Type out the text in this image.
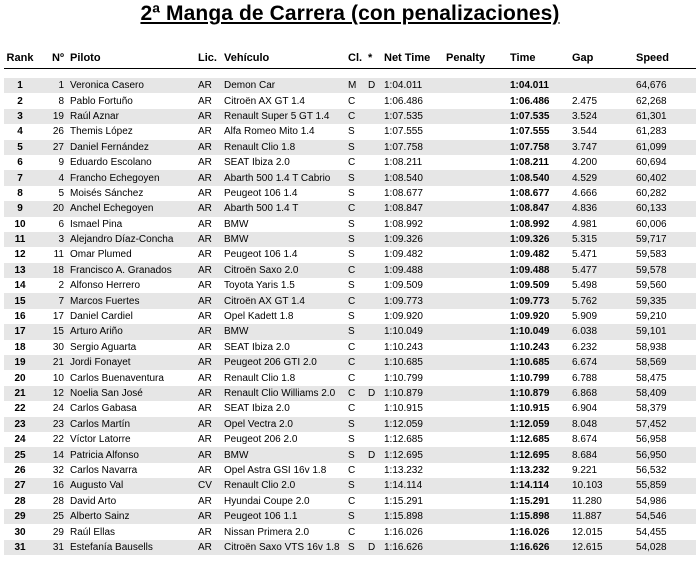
2ª Manga de Carrera (con penalizaciones)
Rank	Nº	Piloto	Lic.	Vehículo	Cl.	*	Net Time	Penalty	Time	Gap	Speed

1	1	Veronica Casero	AR	Demon Car	M	D	1:04.011		1:04.011		64,676
2	8	Pablo Fortuño	AR	Citroën AX GT 1.4	C		1:06.486		1:06.486	2.475	62,268
3	19	Raúl Aznar	AR	Renault Super 5 GT 1.4	C		1:07.535		1:07.535	3.524	61,301
4	26	Themis López	AR	Alfa Romeo Mito 1.4	S		1:07.555		1:07.555	3.544	61,283
5	27	Daniel Fernández	AR	Renault Clio 1.8	S		1:07.758		1:07.758	3.747	61,099
6	9	Eduardo Escolano	AR	SEAT Ibiza 2.0	C		1:08.211		1:08.211	4.200	60,694
7	4	Francho Echegoyen	AR	Abarth 500 1.4 T Cabrio	S		1:08.540		1:08.540	4.529	60,402
8	5	Moisés Sánchez	AR	Peugeot 106 1.4	S		1:08.677		1:08.677	4.666	60,282
9	20	Anchel Echegoyen	AR	Abarth 500 1.4 T	C		1:08.847		1:08.847	4.836	60,133
10	6	Ismael Pina	AR	BMW	S		1:08.992		1:08.992	4.981	60,006
11	3	Alejandro Díaz-Concha	AR	BMW	S		1:09.326		1:09.326	5.315	59,717
12	11	Omar Plumed	AR	Peugeot 106 1.4	S		1:09.482		1:09.482	5.471	59,583
13	18	Francisco A. Granados	AR	Citroën Saxo 2.0	C		1:09.488		1:09.488	5.477	59,578
14	2	Alfonso Herrero	AR	Toyota Yaris 1.5	S		1:09.509		1:09.509	5.498	59,560
15	7	Marcos Fuertes	AR	Citroën AX GT 1.4	C		1:09.773		1:09.773	5.762	59,335
16	17	Daniel Cardiel	AR	Opel Kadett 1.8	S		1:09.920		1:09.920	5.909	59,210
17	15	Arturo Ariño	AR	BMW	S		1:10.049		1:10.049	6.038	59,101
18	30	Sergio Aguarta	AR	SEAT Ibiza 2.0	C		1:10.243		1:10.243	6.232	58,938
19	21	Jordi Fonayet	AR	Peugeot 206 GTI 2.0	C		1:10.685		1:10.685	6.674	58,569
20	10	Carlos Buenaventura	AR	Renault Clio 1.8	C		1:10.799		1:10.799	6.788	58,475
21	12	Noelia San José	AR	Renault Clio Williams 2.0	C	D	1:10.879		1:10.879	6.868	58,409
22	24	Carlos Gabasa	AR	SEAT Ibiza 2.0	C		1:10.915		1:10.915	6.904	58,379
23	23	Carlos Martín	AR	Opel Vectra 2.0	S		1:12.059		1:12.059	8.048	57,452
24	22	Víctor Latorre	AR	Peugeot 206 2.0	S		1:12.685		1:12.685	8.674	56,958
25	14	Patricia Alfonso	AR	BMW	S	D	1:12.695		1:12.695	8.684	56,950
26	32	Carlos Navarra	AR	Opel Astra GSI 16v 1.8	C		1:13.232		1:13.232	9.221	56,532
27	16	Augusto Val	CV	Renault Clio 2.0	S		1:14.114		1:14.114	10.103	55,859
28	28	David Arto	AR	Hyundai Coupe 2.0	C		1:15.291		1:15.291	11.280	54,986
29	25	Alberto Sainz	AR	Peugeot 106 1.1	S		1:15.898		1:15.898	11.887	54,546
30	29	Raúl Ellas	AR	Nissan Primera 2.0	C		1:16.026		1:16.026	12.015	54,455
31	31	Estefanía Bausells	AR	Citroën Saxo VTS 16v 1.8	S	D	1:16.626		1:16.626	12.615	54,028
